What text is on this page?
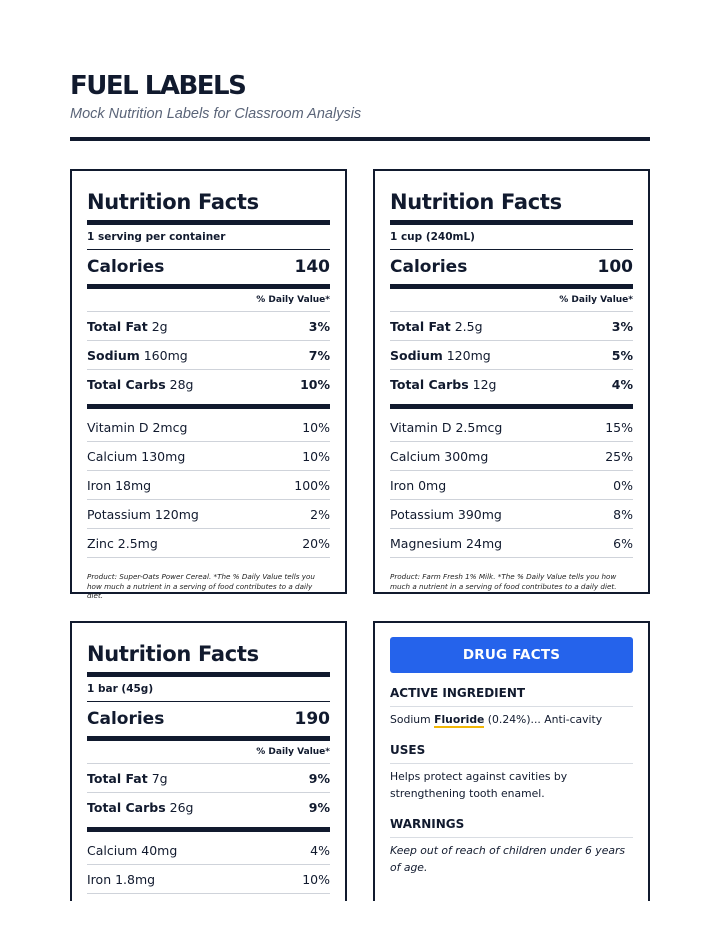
FUEL LABELS
Mock Nutrition Labels for Classroom Analysis
Nutrition Facts
1 serving per container
Calories	140
% Daily Value*
Total Fat 2g	3%
Sodium 160mg	7%
Total Carbs 28g	10%
Vitamin D 2mcg	10%
Calcium 130mg	10%
Iron 18mg	100%
Potassium 120mg	2%
Zinc 2.5mg	20%
Product: Super-Oats Power Cereal. *The % Daily Value tells you how much a nutrient in a serving of food contributes to a daily diet.
Nutrition Facts
1 cup (240mL)
Calories	100
% Daily Value*
Total Fat 2.5g	3%
Sodium 120mg	5%
Total Carbs 12g	4%
Vitamin D 2.5mcg	15%
Calcium 300mg	25%
Iron 0mg	0%
Potassium 390mg	8%
Magnesium 24mg	6%
Product: Farm Fresh 1% Milk. *The % Daily Value tells you how much a nutrient in a serving of food contributes to a daily diet.
Nutrition Facts
1 bar (45g)
Calories	190
% Daily Value*
Total Fat 7g	9%
Total Carbs 26g	9%
Calcium 40mg	4%
Iron 1.8mg	10%
DRUG FACTS
ACTIVE INGREDIENT
Sodium Fluoride (0.24%)... Anti-cavity
USES
Helps protect against cavities by strengthening tooth enamel.
WARNINGS
Keep out of reach of children under 6 years of age.
